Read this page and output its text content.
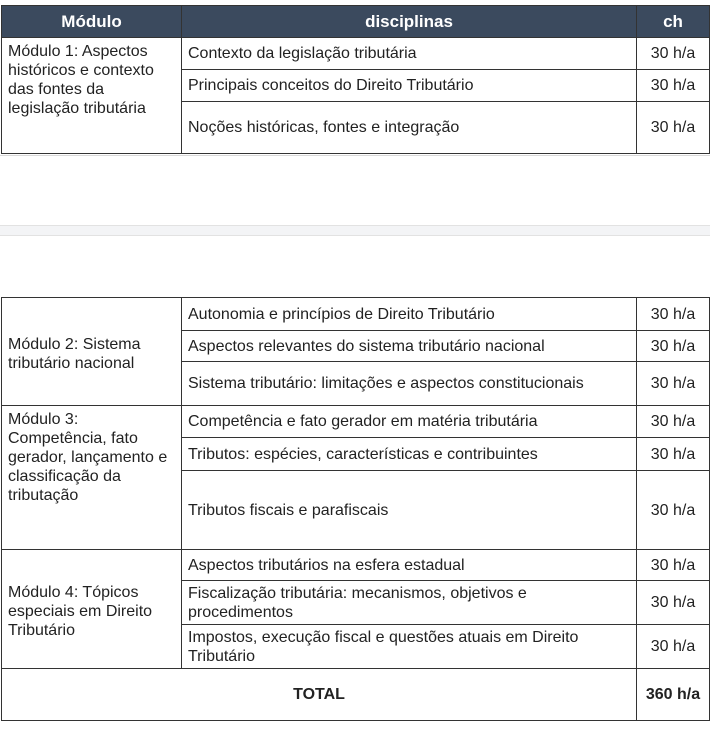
Módulo	disciplinas	ch
Módulo 1: Aspectos históricos e contexto das fontes da legislação tributária	Contexto da legislação tributária	30 h/a
	Principais conceitos do Direito Tributário	30 h/a
	Noções históricas, fontes e integração	30 h/a
Módulo 2: Sistema tributário nacional	Autonomia e princípios de Direito Tributário	30 h/a
	Aspectos relevantes do sistema tributário nacional	30 h/a
	Sistema tributário: limitações e aspectos constitucionais	30 h/a
Módulo 3: Competência, fato gerador, lançamento e classificação da tributação	Competência e fato gerador em matéria tributária	30 h/a
	Tributos: espécies, características e contribuintes	30 h/a
	Tributos fiscais e parafiscais	30 h/a
Módulo 4: Tópicos especiais em Direito Tributário	Aspectos tributários na esfera estadual	30 h/a
	Fiscalização tributária: mecanismos, objetivos e procedimentos	30 h/a
	Impostos, execução fiscal e questões atuais em Direito Tributário	30 h/a
TOTAL		360 h/a
